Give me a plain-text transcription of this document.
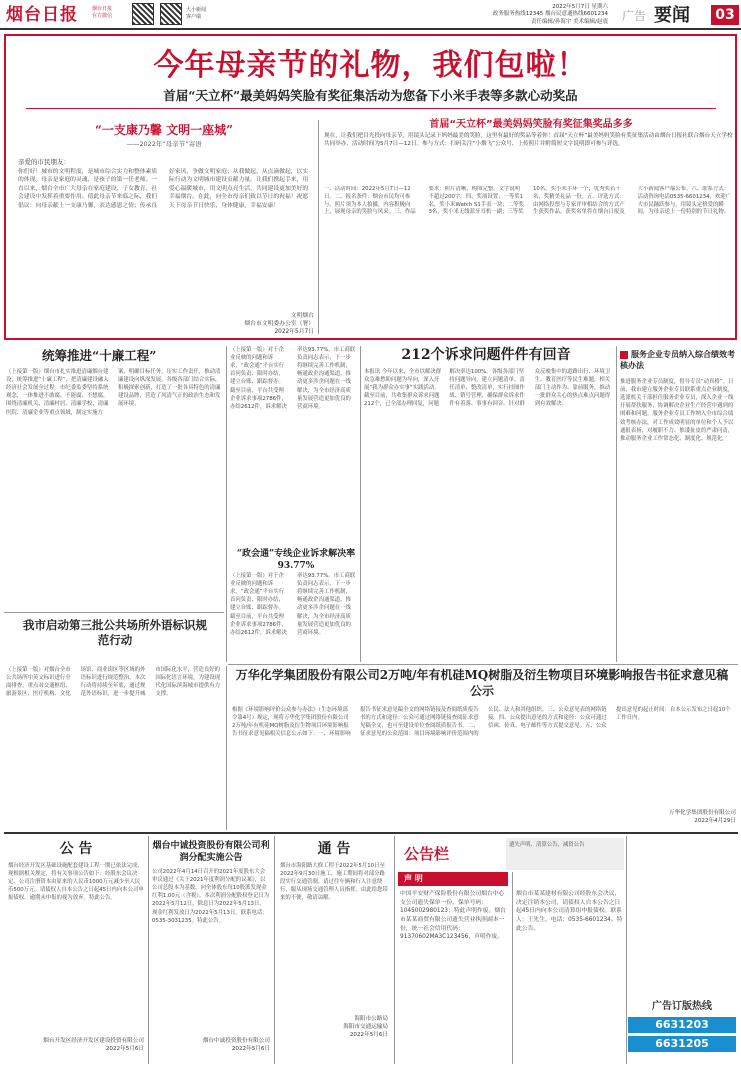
烟台日报	烟台日报
官方微信
大小新闻
客户端
2022年5月7日 星期六
政务服务热线12345 烟台民意通热线6601234
责任编辑/孙海宇 美术编辑/赵震 广告 要闻	03
今年母亲节的礼物，我们包啦！
首届“天立杯”最美妈妈笑脸有奖征集活动为您备下小米手表等多款心动奖品
“一支康乃馨 文明一座城”
——2022年“母亲节”寄语
亲爱的市民朋友：
你们好！城市的文明程度，是城市综合实力和整体素质的体现。母亲是家庭的灵魂，是孩子的第一任老师。一直以来，烟台全市广大母亲在家庭建设、子女教育、社会建设中发挥着重要作用。值此母亲节来临之际，我们倡议：向母亲献上一支康乃馨，表达感恩之情；传承良好家风，争做文明家庭；从我做起，从点滴做起，以实际行动为文明城市建设贡献力量。让我们携起手来，用爱心温暖城市，用文明点亮生活，共同建设更加美好的幸福烟台。在此，向全市母亲们致以节日的祝福！祝愿天下母亲节日快乐，身体健康，幸福安康！
文明烟台
烟台市文明委办公室（署）
2022年5月7日
首届“天立杯”最美妈妈笑脸有奖征集奖品多多
现在，让我们把目光投向母亲节，用镜头记录下妈妈最美的笑脸。这里有最好的奖品等着你！首届“天立杯”最美妈妈笑脸有奖征集活动由烟台日报社联合烟台天立学校共同举办，活动时间为5月7日—12日。参与方式：扫码关注“小烟飞”公众号，上传照片并附简短文字说明即可参与评选。
一、活动时间：2022年5月7日—12日。二、报名条件：烟台市民均可参与，照片须为本人拍摄，内容积极向上，展现母亲的笑脸与风采。三、作品要求：照片清晰，构图完整，文字说明不超过200字。四、奖项设置：一等奖1名，奖小米Watch S1手表一块；二等奖3名，奖小米无线蓝牙耳机一副；三等奖10名，奖小米手环一个；优秀奖若干名，奖精美礼品一份。五、评选方式：由网络投票与专家评审相结合的方式产生获奖作品，获奖名单将在烟台日报及大小新闻客户端公布。六、联系方式：活动咨询电话0535-6601234，欢迎广大市民踊跃参与，用镜头定格爱的瞬间，为母亲送上一份特别的节日礼物。
统筹推进“十廉工程”
（上接第一版）烟台市扎实推进清廉烟台建设，统筹推进“十廉工程”，把清廉建设融入经济社会发展全过程。市纪委监委坚持系统观念，一体推进不敢腐、不能腐、不想腐，围绕清廉机关、清廉村居、清廉学校、清廉医院、清廉企业等重点领域，制定实施方案，明确目标任务，压实工作责任，推动清廉建设向纵深发展。各级各部门结合实际，积极探索创新，打造了一批各具特色的清廉建设品牌，营造了风清气正的政治生态和发展环境。
（上接第一版）对于企业反映的问题和诉求，“政会通”平台实行首问负责、限时办结，建立台账、跟踪督办。截至目前，平台共受理企业诉求事项2786件，办结2612件，诉求解决率达93.77%。市工商联负责同志表示，下一步将继续完善工作机制，畅通政企沟通渠道，推动更多涉企问题在一线解决，为全市经济高质量发展营造更加优良的营商环境。
“政会通”专线企业诉求解决率93.77%
（上接第一版）对于企业反映的问题和诉求，“政会通”平台实行首问负责、限时办结，建立台账、跟踪督办。截至目前，平台共受理企业诉求事项2786件，办结2612件，诉求解决率达93.77%。市工商联负责同志表示，下一步将继续完善工作机制，畅通政企沟通渠道，推动更多涉企问题在一线解决，为全市经济高质量发展营造更加优良的营商环境。
212个诉求问题件件有回音
本报讯 今年以来，全市以解决群众急难愁盼问题为导向，深入开展“我为群众办实事”实践活动。截至目前，共收集群众诉求问题212个，已全部办理回复，问题解决率达100%。各级各部门坚持问题导向，建立问题清单、责任清单、整改清单，实行挂图作战、销号管理，确保群众诉求件件有着落、事事有回音。针对群众反映集中的道路出行、环境卫生、教育医疗等民生难题，相关部门主动作为、靠前服务，推动一批群众关心的热点难点问题得到有效解决。
服务企业专员纳入综合绩效考核办法
推进服务企业专员制度，督导专员“动真格”。日前，我市建立服务企业专员联系重点企业制度，选派机关干部担任服务企业专员，深入企业一线开展帮扶服务，协调解决企业生产经营中遇到的困难和问题。服务企业专员工作纳入全市综合绩效考核办法，对工作成效明显的单位和个人予以通报表扬，对履职不力、推诿扯皮的严肃问责，推动服务企业工作常态化、制度化、规范化。
我市启动第三批公共场所外语标识规范行动
（上接第一版）对烟台全市公共场所中英文标识进行全面排查，重点对交通枢纽、旅游景区、医疗机构、文化场馆、商业街区等区域的外语标识进行规范整治。本次行动将持续至年底，通过规范外语标识，进一步提升城市国际化水平，营造良好的国际化语言环境，为建设现代化国际滨海城市提供有力支撑。
万华化学集团股份有限公司2万吨/年有机硅MQ树脂及衍生物项目环境影响报告书征求意见稿公示
根据《环境影响评价公众参与办法》（生态环境部令第4号）规定，现将万华化学集团股份有限公司2万吨/年有机硅MQ树脂及衍生物项目环境影响报告书征求意见稿相关信息公示如下：一、环境影响报告书征求意见稿全文的网络链接及查阅纸质报告书的方式和途径：公众可通过网络链接查阅征求意见稿全文，也可至建设单位查阅纸质报告书。二、征求意见的公众范围：项目环境影响评价范围内的公民、法人和其他组织。三、公众意见表的网络链接。四、公众提出意见的方式和途径：公众可通过信函、传真、电子邮件等方式提交意见。五、公众提出意见的起止时间：自本公示发布之日起10个工作日内。
万华化学集团股份有限公司
2022年4月29日
公 告
烟台经济开发区基础设施配套建设工程一期已依法完成，现根据相关规定，将有关事项公告如下：经股东会议决定，公司注册资本由原来的人民币1000万元减少至人民币500万元。请债权人自本公告之日起45日内向本公司申报债权，逾期未申报的视为放弃。特此公告。
烟台开发区经济开发区建设投资有限公司
2022年5月6日
烟台中诚投资股份有限公司利润分配实施公告
公司2022年4月14日召开的2021年度股东大会审议通过《关于2021年度利润分配的议案》，以公司总股本为基数，向全体股东每10股派发现金红利1.00元（含税）。本次利润分配股权登记日为2022年5月12日，除息日为2022年5月13日，现金红利发放日为2022年5月13日。联系电话：0535-3031235。特此公告。
烟台中诚投资股份有限公司
2022年5月6日
通 告
烟台市海阳路大修工程于2022年5月10日至2022年9月30日施工，施工期间将对部分路段实行交通管制。请过往车辆和行人注意绕行，服从现场交通管理人员指挥。由此给您带来的不便，敬请谅解。
海阳市公路局
海阳市交通运输局
2022年5月6日
公告栏	遗失声明、清算公告、减资公告
声 明
中国平安财产保险股份有限公司烟台中心支公司遗失保单一份，保单号码：1045002980123；特此声明作废。烟台市某某商贸有限公司遗失营业执照副本一份，统一社会信用代码：91370602MA3C123456，声明作废。
烟台市某某建材有限公司经股东会决议，决定注销本公司，请债权人自本公告之日起45日内向本公司清算组申报债权。联系人：王先生，电话：0535-6601234。特此公告。
广告订版热线
6631203
6631205
